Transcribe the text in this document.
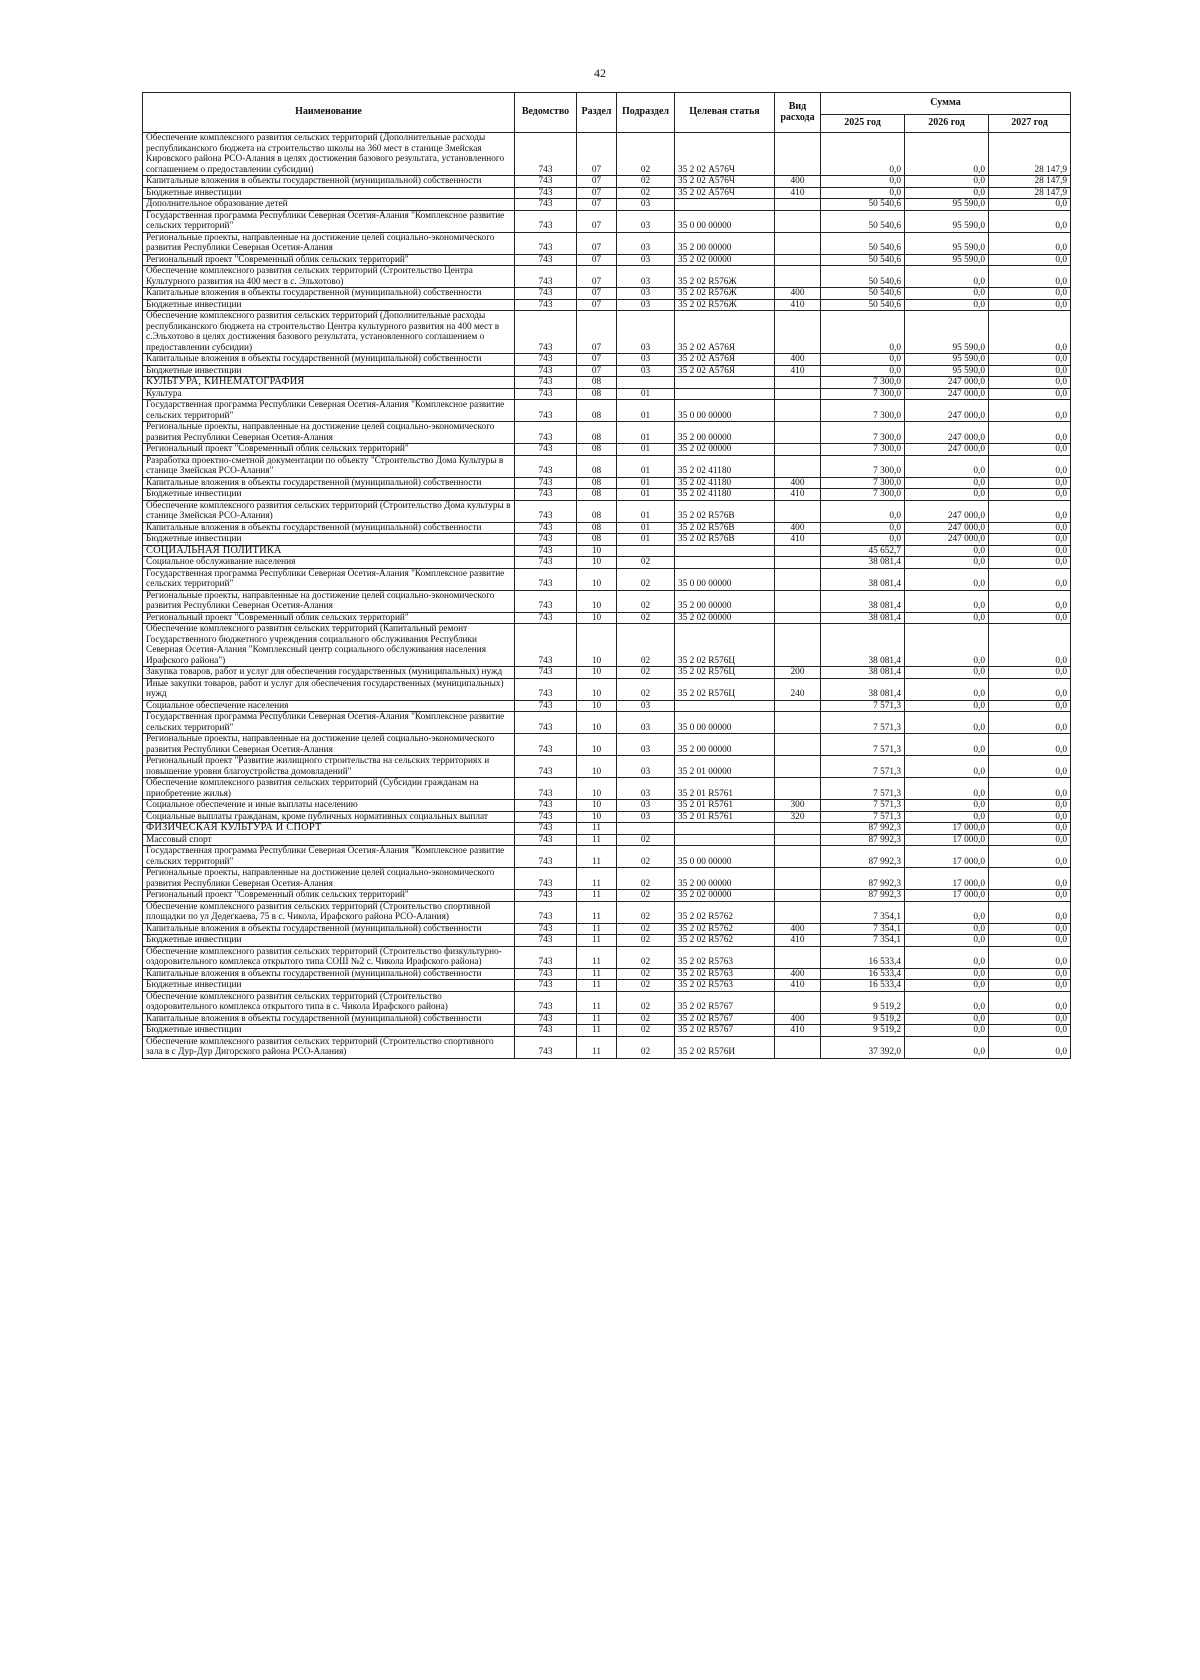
42
Наименование	Ведомство	Раздел	Подраздел	Целевая статья	Вид расхода	Сумма		
						2025 год	2026 год	2027 год
Обеспечение комплексного развития сельских территорий (Дополнительные расходы республиканского бюджета на строительство школы на 360 мест в станице Змейская Кировского района РСО-Алания в целях достижения базового результата, установленного соглашением о предоставлении субсидии)	743	07	02	35 2 02 А576Ч		0,0	0,0	28 147,9
Капитальные вложения в объекты государственной (муниципальной) собственности	743	07	02	35 2 02 А576Ч	400	0,0	0,0	28 147,9
Бюджетные инвестиции	743	07	02	35 2 02 А576Ч	410	0,0	0,0	28 147,9
Дополнительное образование детей	743	07	03			50 540,6	95 590,0	0,0
Государственная программа Республики Северная Осетия-Алания "Комплексное развитие сельских территорий"	743	07	03	35 0 00 00000		50 540,6	95 590,0	0,0
Региональные проекты, направленные на достижение целей социально-экономического развития Республики Северная Осетия-Алания	743	07	03	35 2 00 00000		50 540,6	95 590,0	0,0
Региональный проект "Современный облик сельских территорий"	743	07	03	35 2 02 00000		50 540,6	95 590,0	0,0
Обеспечение комплексного развития сельских территорий (Строительство Центра Культурного развития на 400 мест в с. Эльхотово)	743	07	03	35 2 02 R576Ж		50 540,6	0,0	0,0
Капитальные вложения в объекты государственной (муниципальной) собственности	743	07	03	35 2 02 R576Ж	400	50 540,6	0,0	0,0
Бюджетные инвестиции	743	07	03	35 2 02 R576Ж	410	50 540,6	0,0	0,0
Обеспечение комплексного развития сельских территорий (Дополнительные расходы республиканского бюджета на строительство Центра культурного развития на 400 мест в с.Эльхотово в целях достижения базового результата, установленного соглашением о предоставлении субсидии)	743	07	03	35 2 02 А576Я		0,0	95 590,0	0,0
Капитальные вложения в объекты государственной (муниципальной) собственности	743	07	03	35 2 02 А576Я	400	0,0	95 590,0	0,0
Бюджетные инвестиции	743	07	03	35 2 02 А576Я	410	0,0	95 590,0	0,0
КУЛЬТУРА, КИНЕМАТОГРАФИЯ	743	08				7 300,0	247 000,0	0,0
Культура	743	08	01			7 300,0	247 000,0	0,0
Государственная программа Республики Северная Осетия-Алания "Комплексное развитие сельских территорий"	743	08	01	35 0 00 00000		7 300,0	247 000,0	0,0
Региональные проекты, направленные на достижение целей социально-экономического развития Республики Северная Осетия-Алания	743	08	01	35 2 00 00000		7 300,0	247 000,0	0,0
Региональный проект "Современный облик сельских территорий"	743	08	01	35 2 02 00000		7 300,0	247 000,0	0,0
Разработка проектно-сметной документации по объекту "Строительство Дома Культуры в станице Змейская РСО-Алания"	743	08	01	35 2 02 41180		7 300,0	0,0	0,0
Капитальные вложения в объекты государственной (муниципальной) собственности	743	08	01	35 2 02 41180	400	7 300,0	0,0	0,0
Бюджетные инвестиции	743	08	01	35 2 02 41180	410	7 300,0	0,0	0,0
Обеспечение комплексного развития сельских территорий (Строительство Дома культуры в станице Змейская РСО-Алания)	743	08	01	35 2 02 R576В		0,0	247 000,0	0,0
Капитальные вложения в объекты государственной (муниципальной) собственности	743	08	01	35 2 02 R576В	400	0,0	247 000,0	0,0
Бюджетные инвестиции	743	08	01	35 2 02 R576В	410	0,0	247 000,0	0,0
СОЦИАЛЬНАЯ ПОЛИТИКА	743	10				45 652,7	0,0	0,0
Социальное обслуживание населения	743	10	02			38 081,4	0,0	0,0
Государственная программа Республики Северная Осетия-Алания "Комплексное развитие сельских территорий"	743	10	02	35 0 00 00000		38 081,4	0,0	0,0
Региональные проекты, направленные на достижение целей социально-экономического развития Республики Северная Осетия-Алания	743	10	02	35 2 00 00000		38 081,4	0,0	0,0
Региональный проект "Современный облик сельских территорий"	743	10	02	35 2 02 00000		38 081,4	0,0	0,0
Обеспечение комплексного развития сельских территорий (Капитальный ремонт Государственного бюджетного учреждения социального обслуживания Республики Северная Осетия-Алания "Комплексный центр социального обслуживания населения Ирафского района")	743	10	02	35 2 02 R576Ц		38 081,4	0,0	0,0
Закупка товаров, работ и услуг для обеспечения государственных (муниципальных) нужд	743	10	02	35 2 02 R576Ц	200	38 081,4	0,0	0,0
Иные закупки товаров, работ и услуг для обеспечения государственных (муниципальных) нужд	743	10	02	35 2 02 R576Ц	240	38 081,4	0,0	0,0
Социальное обеспечение населения	743	10	03			7 571,3	0,0	0,0
Государственная программа Республики Северная Осетия-Алания "Комплексное развитие сельских территорий"	743	10	03	35 0 00 00000		7 571,3	0,0	0,0
Региональные проекты, направленные на достижение целей социально-экономического развития Республики Северная Осетия-Алания	743	10	03	35 2 00 00000		7 571,3	0,0	0,0
Региональный проект "Развитие жилищного строительства на сельских территориях и повышение уровня благоустройства домовладений"	743	10	03	35 2 01 00000		7 571,3	0,0	0,0
Обеспечение комплексного развития сельских территорий (Субсидии гражданам на приобретение жилья)	743	10	03	35 2 01 R5761		7 571,3	0,0	0,0
Социальное обеспечение и иные выплаты населению	743	10	03	35 2 01 R5761	300	7 571,3	0,0	0,0
Социальные выплаты гражданам, кроме публичных нормативных социальных выплат	743	10	03	35 2 01 R5761	320	7 571,3	0,0	0,0
ФИЗИЧЕСКАЯ КУЛЬТУРА И СПОРТ	743	11				87 992,3	17 000,0	0,0
Массовый спорт	743	11	02			87 992,3	17 000,0	0,0
Государственная программа Республики Северная Осетия-Алания "Комплексное развитие сельских территорий"	743	11	02	35 0 00 00000		87 992,3	17 000,0	0,0
Региональные проекты, направленные на достижение целей социально-экономического развития Республики Северная Осетия-Алания	743	11	02	35 2 00 00000		87 992,3	17 000,0	0,0
Региональный проект "Современный облик сельских территорий"	743	11	02	35 2 02 00000		87 992,3	17 000,0	0,0
Обеспечение комплексного развития сельских территорий (Строительство спортивной площадки по ул Дедегкаева, 75 в с. Чикола, Ирафского района РСО-Алания)	743	11	02	35 2 02 R5762		7 354,1	0,0	0,0
Капитальные вложения в объекты государственной (муниципальной) собственности	743	11	02	35 2 02 R5762	400	7 354,1	0,0	0,0
Бюджетные инвестиции	743	11	02	35 2 02 R5762	410	7 354,1	0,0	0,0
Обеспечение комплексного развития сельских территорий (Строительство физкультурно-оздоровительного комплекса открытого типа СОШ №2 с. Чикола Ирафского района)	743	11	02	35 2 02 R5763		16 533,4	0,0	0,0
Капитальные вложения в объекты государственной (муниципальной) собственности	743	11	02	35 2 02 R5763	400	16 533,4	0,0	0,0
Бюджетные инвестиции	743	11	02	35 2 02 R5763	410	16 533,4	0,0	0,0
Обеспечение комплексного развития сельских территорий (Строительство оздоровительного комплекса открытого типа в с. Чикола Ирафского района)	743	11	02	35 2 02 R5767		9 519,2	0,0	0,0
Капитальные вложения в объекты государственной (муниципальной) собственности	743	11	02	35 2 02 R5767	400	9 519,2	0,0	0,0
Бюджетные инвестиции	743	11	02	35 2 02 R5767	410	9 519,2	0,0	0,0
Обеспечение комплексного развития сельских территорий (Строительство спортивного зала в с Дур-Дур Дигорского района РСО-Алания)	743	11	02	35 2 02 R576И		37 392,0	0,0	0,0
